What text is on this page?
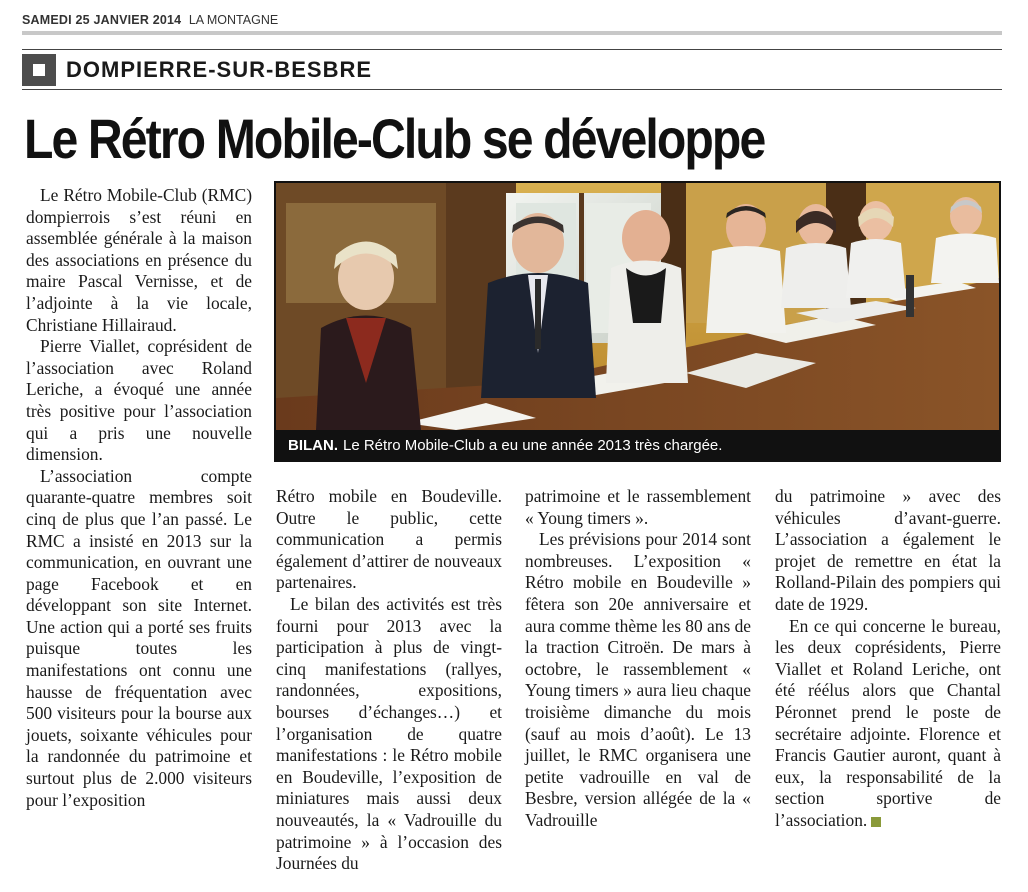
SAMEDI 25 JANVIER 2014 LA MONTAGNE
DOMPIERRE-SUR-BESBRE
Le Rétro Mobile-Club se développe
BILAN. Le Rétro Mobile-Club a eu une année 2013 très chargée.

Le Rétro Mobile-Club (RMC) dompierrois s’est réuni en assemblée générale à la maison des associations en présence du maire Pascal Vernisse, et de l’adjointe à la vie locale, Christiane Hillairaud.

Pierre Viallet, coprésident de l’association avec Roland Leriche, a évoqué une année très positive pour l’association qui a pris une nouvelle dimension.

L’association compte quarante-quatre membres soit cinq de plus que l’an passé. Le RMC a insisté en 2013 sur la communication, en ouvrant une page Facebook et en développant son site Internet. Une action qui a porté ses fruits puisque toutes les manifestations ont connu une hausse de fréquentation avec 500 visiteurs pour la bourse aux jouets, soixante véhicules pour la randonnée du patrimoine et surtout plus de 2.000 visiteurs pour l’exposition

Rétro mobile en Boudeville. Outre le public, cette communication a permis également d’attirer de nouveaux partenaires.

Le bilan des activités est très fourni pour 2013 avec la participation à plus de vingt-cinq manifestations (rallyes, randonnées, expositions, bourses d’échanges…) et l’organisation de quatre manifestations : le Rétro mobile en Boudeville, l’exposition de miniatures mais aussi deux nouveautés, la « Vadrouille du patrimoine » à l’occasion des Journées du

patrimoine et le rassemblement « Young timers ».

Les prévisions pour 2014 sont nombreuses. L’exposition « Rétro mobile en Boudeville » fêtera son 20e anniversaire et aura comme thème les 80 ans de la traction Citroën. De mars à octobre, le rassemblement « Young timers » aura lieu chaque troisième dimanche du mois (sauf au mois d’août). Le 13 juillet, le RMC organisera une petite vadrouille en val de Besbre, version allégée de la « Vadrouille

du patrimoine » avec des véhicules d’avant-guerre. L’association a également le projet de remettre en état la Rolland-Pilain des pompiers qui date de 1929.

En ce qui concerne le bureau, les deux coprésidents, Pierre Viallet et Roland Leriche, ont été réélus alors que Chantal Péronnet prend le poste de secrétaire adjointe. Florence et Francis Gautier auront, quant à eux, la responsabilité de la section sportive de l’association.
